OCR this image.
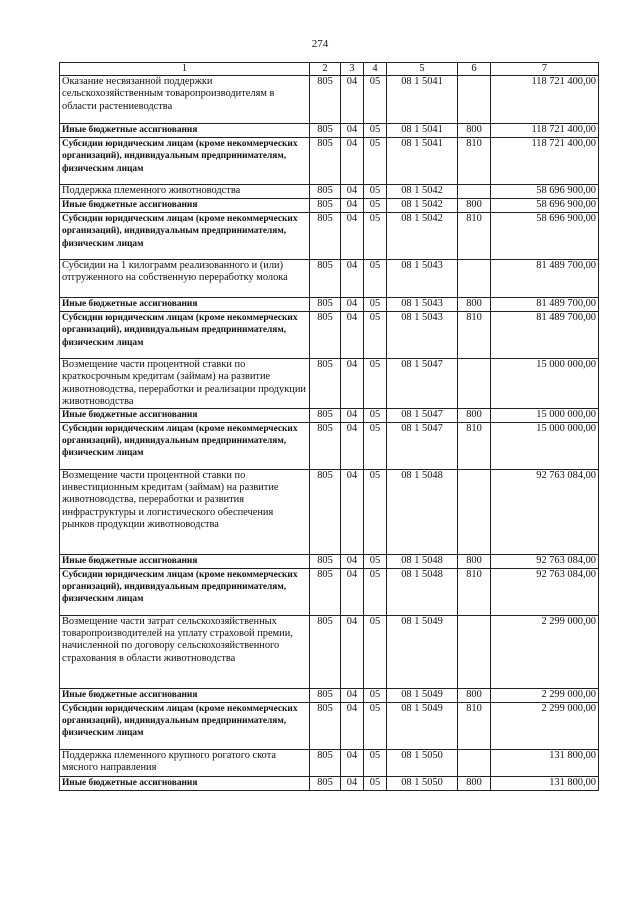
274
1	2	3	4	5	6	7
Оказание несвязанной поддержки сельскохозяйственным товаропроизводителям в области растениеводства	805	04	05	08 1 5041		118 721 400,00
Иные бюджетные ассигнования	805	04	05	08 1 5041	800	118 721 400,00
Субсидии юридическим лицам (кроме некоммерческих организаций), индивидуальным предпринимателям, физическим лицам	805	04	05	08 1 5041	810	118 721 400,00
Поддержка племенного животноводства	805	04	05	08 1 5042		58 696 900,00
Иные бюджетные ассигнования	805	04	05	08 1 5042	800	58 696 900,00
Субсидии юридическим лицам (кроме некоммерческих организаций), индивидуальным предпринимателям, физическим лицам	805	04	05	08 1 5042	810	58 696 900,00
Субсидии на 1 килограмм реализованного и (или) отгруженного на собственную переработку молока	805	04	05	08 1 5043		81 489 700,00
Иные бюджетные ассигнования	805	04	05	08 1 5043	800	81 489 700,00
Субсидии юридическим лицам (кроме некоммерческих организаций), индивидуальным предпринимателям, физическим лицам	805	04	05	08 1 5043	810	81 489 700,00
Возмещение части процентной ставки по краткосрочным кредитам (займам) на развитие животноводства, переработки и реализации продукции животноводства	805	04	05	08 1 5047		15 000 000,00
Иные бюджетные ассигнования	805	04	05	08 1 5047	800	15 000 000,00
Субсидии юридическим лицам (кроме некоммерческих организаций), индивидуальным предпринимателям, физическим лицам	805	04	05	08 1 5047	810	15 000 000,00
Возмещение части процентной ставки по инвестиционным кредитам (займам) на развитие животноводства, переработки и развития инфраструктуры и логистического обеспечения рынков продукции животноводства	805	04	05	08 1 5048		92 763 084,00
Иные бюджетные ассигнования	805	04	05	08 1 5048	800	92 763 084,00
Субсидии юридическим лицам (кроме некоммерческих организаций), индивидуальным предпринимателям, физическим лицам	805	04	05	08 1 5048	810	92 763 084,00
Возмещение части затрат сельскохозяйственных товаропроизводителей на уплату страховой премии, начисленной по договору сельскохозяйственного страхования в области животноводства	805	04	05	08 1 5049		2 299 000,00
Иные бюджетные ассигнования	805	04	05	08 1 5049	800	2 299 000,00
Субсидии юридическим лицам (кроме некоммерческих организаций), индивидуальным предпринимателям, физическим лицам	805	04	05	08 1 5049	810	2 299 000,00
Поддержка племенного крупного рогатого скота мясного направления	805	04	05	08 1 5050		131 800,00
Иные бюджетные ассигнования	805	04	05	08 1 5050	800	131 800,00
